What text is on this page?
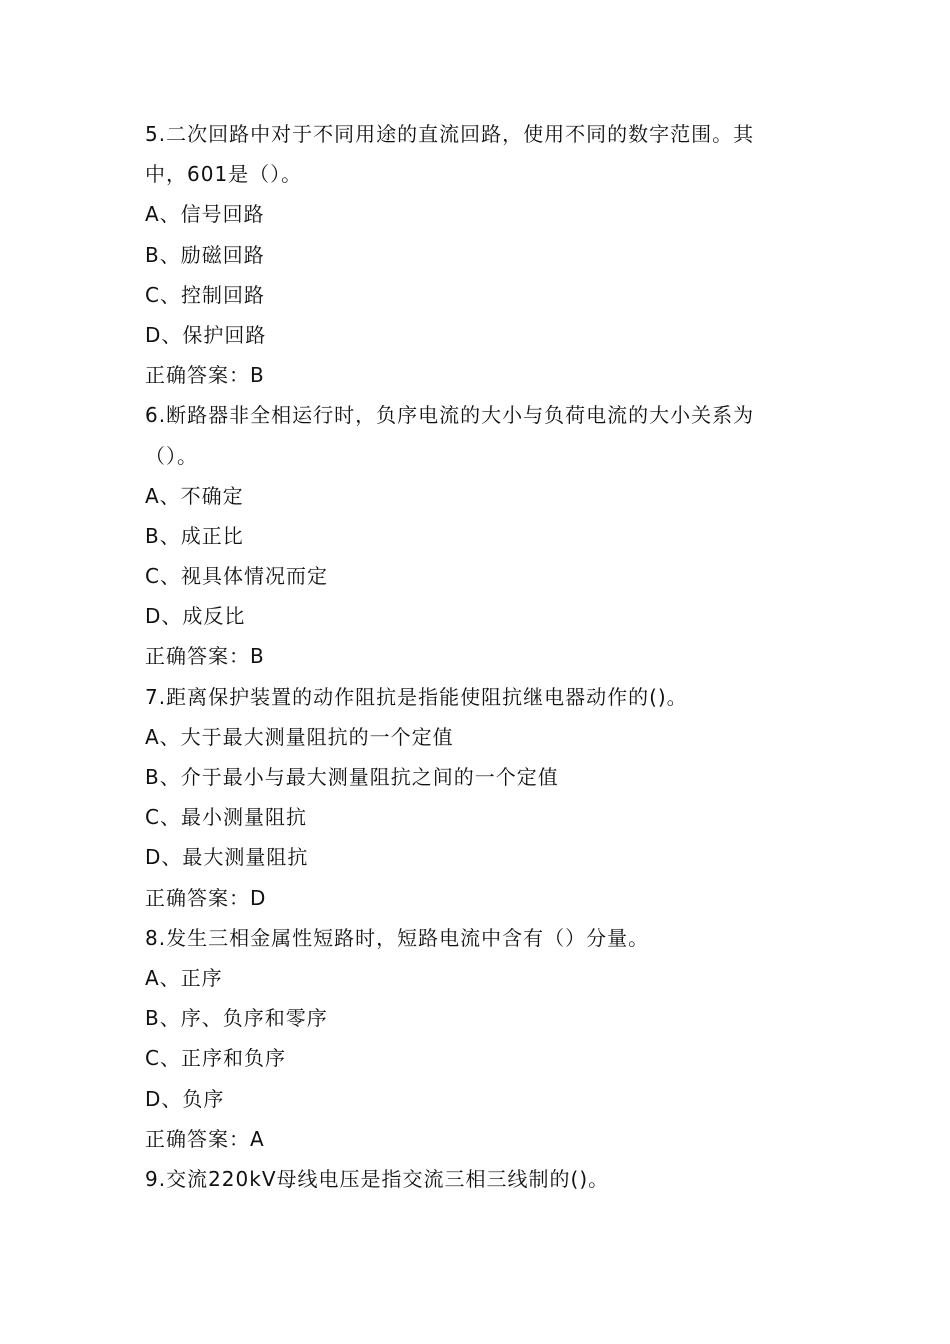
5.二次回路中对于不同用途的直流回路，使用不同的数字范围。其
中，601是（）。
A、信号回路
B、励磁回路
C、控制回路
D、保护回路
正确答案：B
6.断路器非全相运行时，负序电流的大小与负荷电流的大小关系为
（）。
A、不确定
B、成正比
C、视具体情况而定
D、成反比
正确答案：B
7.距离保护装置的动作阻抗是指能使阻抗继电器动作的()。
A、大于最大测量阻抗的一个定值
B、介于最小与最大测量阻抗之间的一个定值
C、最小测量阻抗
D、最大测量阻抗
正确答案：D
8.发生三相金属性短路时，短路电流中含有（）分量。
A、正序
B、序、负序和零序
C、正序和负序
D、负序
正确答案：A
9.交流220kV母线电压是指交流三相三线制的()。
